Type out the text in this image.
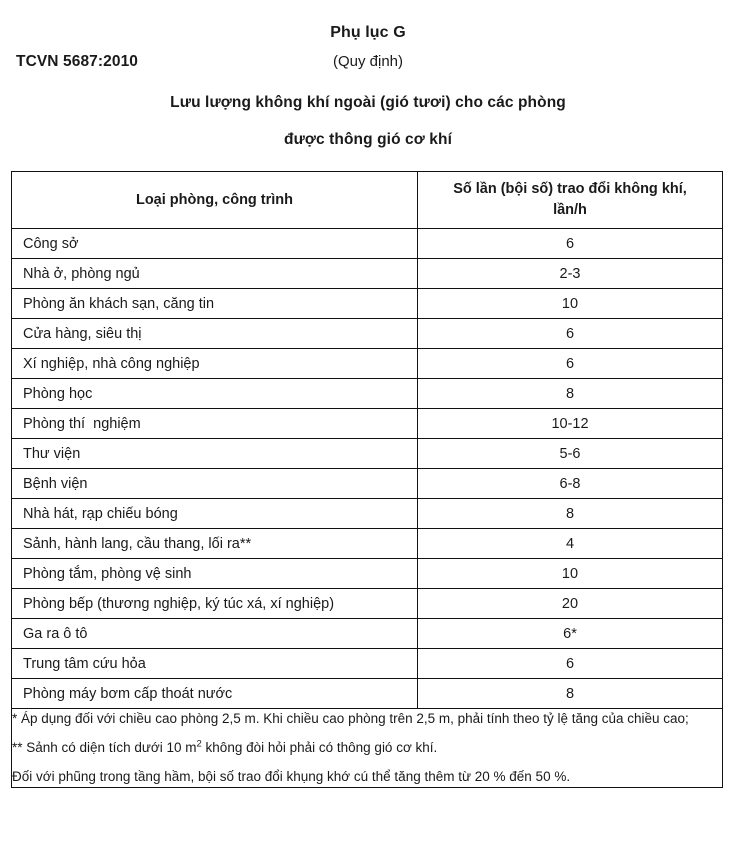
Phụ lục G
TCVN 5687:2010	(Quy định)
Lưu lượng không khí ngoài (gió tươi) cho các phòng
được thông gió cơ khí
Loại phòng, công trình	Số lần (bội số) trao đổi không khí,
lần/h
Công sở	6
Nhà ở, phòng ngủ	2-3
Phòng ăn khách sạn, căng tin	10
Cửa hàng, siêu thị	6
Xí nghiệp, nhà công nghiệp	6
Phòng học	8
Phòng thí  nghiệm	10-12
Thư viện	5-6
Bệnh viện	6-8
Nhà hát, rạp chiếu bóng	8
Sảnh, hành lang, cầu thang, lối ra**	4
Phòng tắm, phòng vệ sinh	10
Phòng bếp (thương nghiệp, ký túc xá, xí nghiệp)	20
Ga ra ô tô	6*
Trung tâm cứu hỏa	6
Phòng máy bơm cấp thoát nước	8

* Áp dụng đối với chiều cao phòng 2,5 m. Khi chiều cao phòng trên 2,5 m, phải tính theo tỷ lệ tăng của chiều cao;

** Sảnh có diện tích dưới 10 $m^2$ không đòi hỏi phải có thông gió cơ khí.

Đối với phũng trong tầng hầm, bội số trao đổi khụng khớ cú thể tăng thêm từ 20 % đến 50 %.	
